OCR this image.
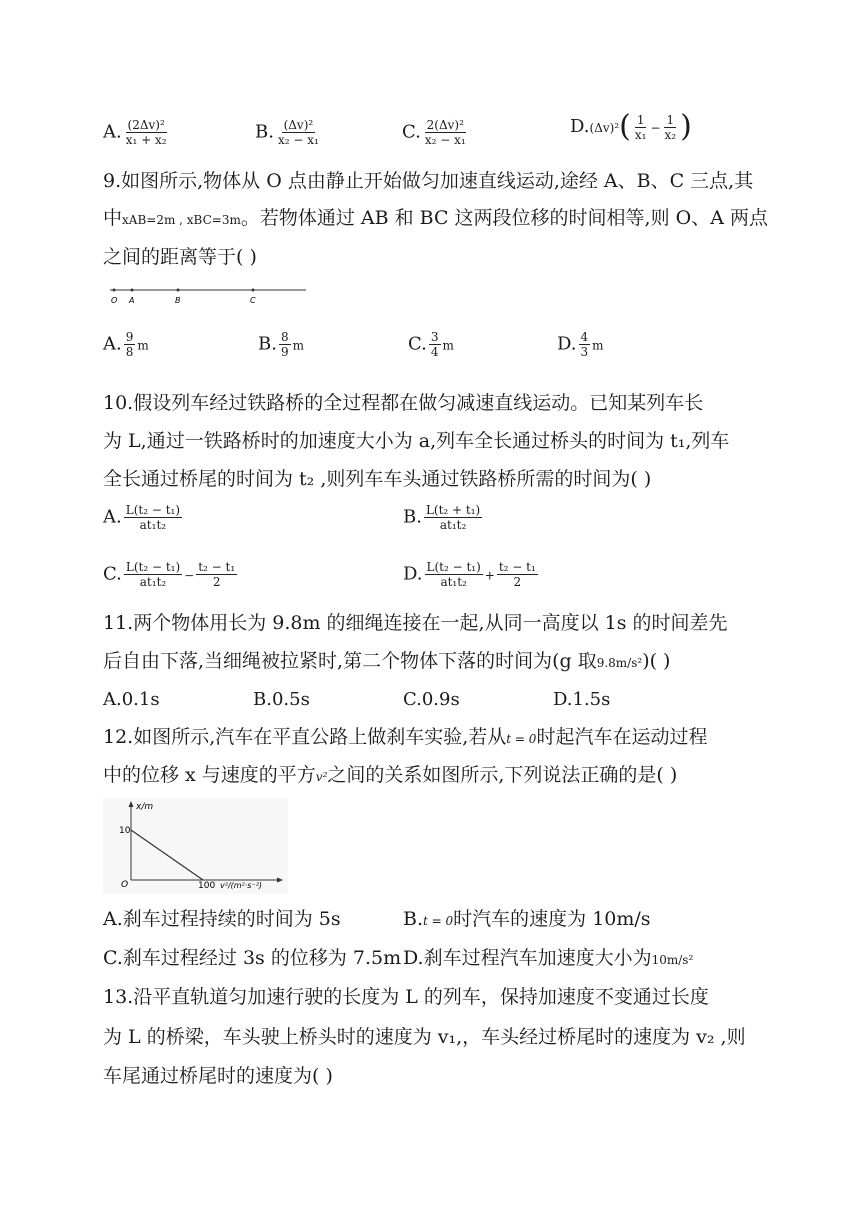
A. $\frac{\text{(2Δv)²}}{\text{x₁ + x₂}}$	B. $\frac{\text{(Δv)²}}{\text{x₂ − x₁}}$	C. $\frac{\text{2(Δv)²}}{\text{x₂ − x₁}}$	$D.(\Delta v)^2( \frac{1}{\text{x₁}} - \frac{1}{\text{x₂}}$ )
9.如图所示,物体从 O 点由静止开始做匀加速直线运动,途经 A、B、C 三点,其
中xAB=2m , xBC=3m。若物体通过 AB 和 BC 这两段位移的时间相等,则 O、A 两点
之间的距离等于( )
O A	B	C
A. $\frac{9}{8}$ m	B. $\frac{8}{9}$ m	C. $\frac{3}{4}$ m	D. $\frac{4}{3}$ m
10.假设列车经过铁路桥的全过程都在做匀减速直线运动。已知某列车长
为 L,通过一铁路桥时的加速度大小为 a,列车全长通过桥头的时间为 t₁,列车
全长通过桥尾的时间为 t₂ ,则列车车头通过铁路桥所需的时间为( )
A. $\frac{\text{L(t₂ − t₁)}}{\text{at₁t₂}}$	B. $\frac{\text{L(t₂ + t₁)}}{\text{at₁t₂}}$
C. $\frac{\text{L(t₂ − t₁)}}{\text{at₁t₂}} - \frac{\text{t₂ − t₁}}{2}$	D. $\frac{\text{L(t₂ − t₁)}}{\text{at₁t₂}} + \frac{\text{t₂ − t₁}}{2}$
11.两个物体用长为 9.8m 的细绳连接在一起,从同一高度以 1s 的时间差先
后自由下落,当细绳被拉紧时,第二个物体下落的时间为(g 取9.8m/s²)( )
A.0.1s	B.0.5s	C.0.9s	D.1.5s
12.如图所示,汽车在平直公路上做刹车实验,若从t = 0时起汽车在运动过程
中的位移 x 与速度的平方v²之间的关系如图所示,下列说法正确的是( )
x/m
10
O	100 v²/(m²·s⁻²)
A.刹车过程持续的时间为 5s	B.t = 0时汽车的速度为 10m/s
C.刹车过程经过 3s 的位移为 7.5m D.刹车过程汽车加速度大小为10m/s²
13.沿平直轨道匀加速行驶的长度为 L 的列车，保持加速度不变通过长度
为 L 的桥梁，车头驶上桥头时的速度为 v₁,，车头经过桥尾时的速度为 v₂ ,则
车尾通过桥尾时的速度为( )
